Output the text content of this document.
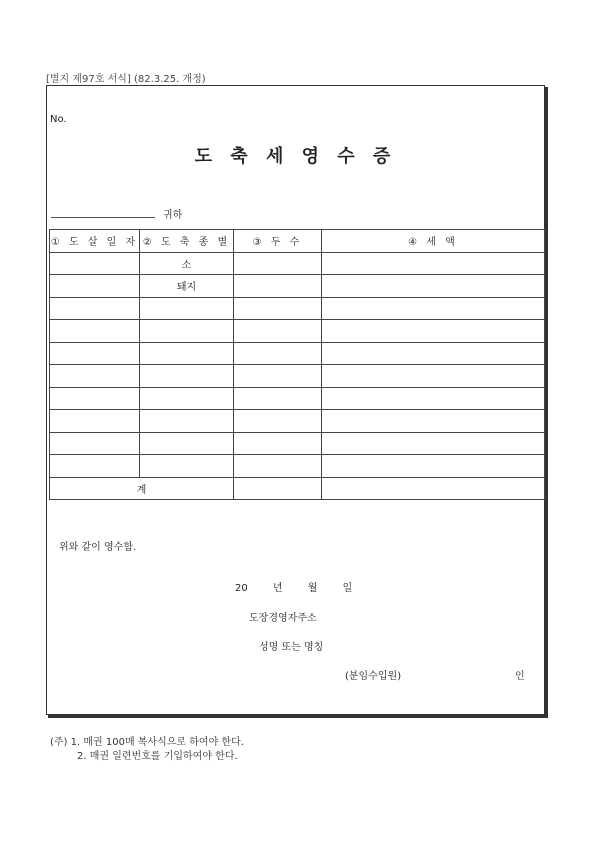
[별지 제97호 서식] (82.3.25. 개정)
No.
도 축 세 영 수 증
귀하
① 도 살 일 자	② 도 축 종 별	③ 두 수	④ 세 액
	소		
	돼지		

계			
위와 같이 영수함.
20 년 월 일
도장경영자주소
성명 또는 명칭
(분임수입원)	인
(주) 1. 매권 100매 복사식으로 하여야 한다.
2. 매권 일련번호를 기입하여야 한다.
